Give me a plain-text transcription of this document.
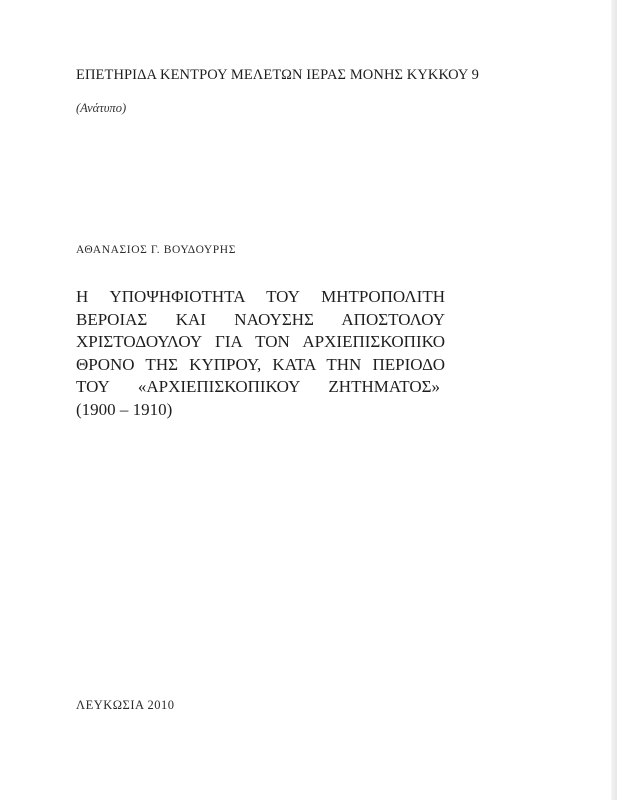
ΕΠΕΤΗΡΙΔΑ ΚΕΝΤΡΟΥ ΜΕΛΕΤΩΝ ΙΕΡΑΣ ΜΟΝΗΣ ΚΥΚΚΟΥ 9
(Ανάτυπο)
ΑΘΑΝΑΣΙΟΣ Γ. ΒΟΥΔΟΥΡΗΣ
Η ΥΠΟΨΗΦΙΟΤΗΤΑ ΤΟΥ ΜΗΤΡΟΠΟΛΙΤΗ
ΒΕΡΟΙΑΣ ΚΑΙ ΝΑΟΥΣΗΣ ΑΠΟΣΤΟΛΟΥ
ΧΡΙΣΤΟΔΟΥΛΟΥ ΓΙΑ ΤΟΝ ΑΡΧΙΕΠΙΣΚΟΠΙΚΟ
ΘΡΟΝΟ ΤΗΣ ΚΥΠΡΟΥ, ΚΑΤΑ ΤΗΝ ΠΕΡΙΟΔΟ
ΤΟΥ «ΑΡΧΙΕΠΙΣΚΟΠΙΚΟΥ ΖΗΤΗΜΑΤΟΣ»
(1900 – 1910)
ΛΕΥΚΩΣΙΑ 2010
